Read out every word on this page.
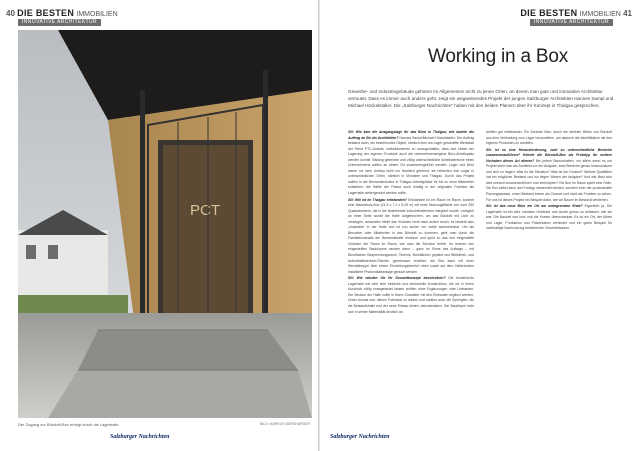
40 DIE BESTEN IMMOBILIEN
INNOVATIVE ARCHITEKTUR
PCT
Der Zugang zur Büroloft-Box erfolgt durch die Lagerhalle.	BILD: MARKUS BERNHARDER
Salzburger Nachrichten
DIE BESTEN IMMOBILIEN 41
INNOVATIVE ARCHITEKTUR
Working in a Box
Gewerbe- und Industriegebäude gehören im Allgemeinen nicht zu jenen Orten, an denen man gute und innovative Architektur vermutet. Dass es immer auch anders geht, zeigt ein wegweisendes Projekt der jungen Salzburger Architekten Hannes Sampl und Michael Höckelstaller. Die „Salzburger Nachrichten“ haben mit den beiden Planern über ihr Konzept in Thalgau gesprochen.

SN: Wie kam die Ausgangslage für das Büro in Thalgau; wie lautete die Auftrag an Sie als Architekten? Hannes Sampl/Michael Höckelstaller: Der Auftrag bestand darin, ein bestehendes Objekt, nämlich eine am Lager geschaffte Werkstatt der Firma PTC-Austria, umfunktionieren zu umzugestalten, dass dort neben der Lagerung der eigenen Produkte auch die unternehmenseigene Büro-Arbeitsplatz werden konnte. Bislang getrennte und völlig unterschiedliche Arbeitsbereiche eines Unternehmens sollten an einem Ort zusammengeführt werden. Lager und Büro waren vor dem Umbau nicht nur räumlich getrennt, sie befanden sich sogar in unterschiedlichen Orten, nämlich in Mondsee und Thalgau. Durch das Projekt sollten in der Bestandsstruktur in Thalgau Arbeitsplätze für bis zu neun Mitarbeiter entstehen; die Hälfte der Fläche auch künftig in der originalen Funktion als Lagerhalle weitergenutzt werden sollte.

SN: Wie ist im Thalgau entstanden? Entstanden ist ein Raum im Raum, konkret eine Massivholz-Box (21,5 x 7,2 x 5,25 m) mit einer Nutzungsfläche von rund 250 Quadratmetern, die in die bestehende Industriehallenbox integriert wurde. Lediglich an einer Seite wurde die Halle aufgebrochen, um das Büroloft mit Licht zu versorgen, ansonsten bleibt das Volumen nicht nach außen durch, es besteht also „invariable“ in der Halle und ist von außen nur subtil wahrnehmbar. Um als Besucher oder Mitarbeiter in das Büroloft zu kommen, geht man durch die Fabrikationshalle der Bestandshalle hindurch und spürt so das neu eingestellte Volumen der Raum im Raum, wie man die Bürobox betritt. Im Inneren des eingestellten Baukörpers wurden dann – ganz im Sinne des Auftrags – mit Büroflächen Besprechungsraum, Technik, Büroflächen geplant und Bibliothek- und Aufenthaltsbereich-Flächen gemeinsam errichtet, die Box kann mit einer Wendeltreppe über einem Einrichtungsbereich oben sowie auf dem Hallenboden installierte Photovoltaikanlage genutzt werden.

SN: Wie würden Sie Ihr Gesamtkonzept beschreiben? Die bestehende Lagerhalle hat eine sehr einfache und strukturelle Konstruktion, die wir in Ihrem Ausdruck völlig unangetastet lassen wollten ohne Ergänzungen oder Umbauten. Die Struktur der Halle sollte in ihrem Charakter mit den Einbauten ergänzt werden. Unser Ansatz war, diesen Potenzial zu nutzen und nahtlos auch die Synergien, die die Bestandshalle und der neue Einbau bieten, beizubehalten. Der Baukörper hebt sich in seiner Materialität deutlich ab.

dürften gut miteinander. Ein Zentrale Idee, durch die direkten Blicke von Büroloft aus eine Verbindung zum Lager herzustellen, um dadurch die Identifikation mit den eigenen Produkten zu schaffen.

SN: Ist es eine Herausforderung, zwei so unterschiedliche Bereiche zusammenzuführen? Könnte die Büroloft-Box als Prototyp für weitere Vorhaben dieser Art dienen? Bei jedem Bauvorhaben, vor allem wenn es um Projekt steht man als Architekt vor der Aufgabe, zwei Bereiche genau hinzuschauen und sich zu fragen: Was ist die Situation? Was ist der Kontext? Welche Qualitäten hat ein möglicher Bestand und wo liegen Wesen der Aufgabe? Und wie lässt sich dies sinnvoll zusammenführen und verknüpfen? Ein Box im Raum spielt eine Rolle. Die Box selbst kann als Prototyp verwendet werden, sondern eher der prozesshafte Planungsansatz, einen Bestand immer als Chance und nicht als Problem zu sehen. Für uns ist dieses Projekt ein Beispiel dafür, wie wir Bauen im Bestand verstehen.

SN: Ist das neue Büro ein Ort am unbegrenzten Ende? Eigentlich ja. Die Lagerhalle ist ein sehr robustes Gebäude und wurde genau so belassen, wie sie war. Die Bauzeit war kurz und die Kosten überschaubar. Es ist ein Ort, der Arbeit und Lager, Produktion und Präsentation verbindet und ein gutes Beispiel für nachhaltige Nachnutzung bestehender Gewerbebauten.

Salzburger Nachrichten
